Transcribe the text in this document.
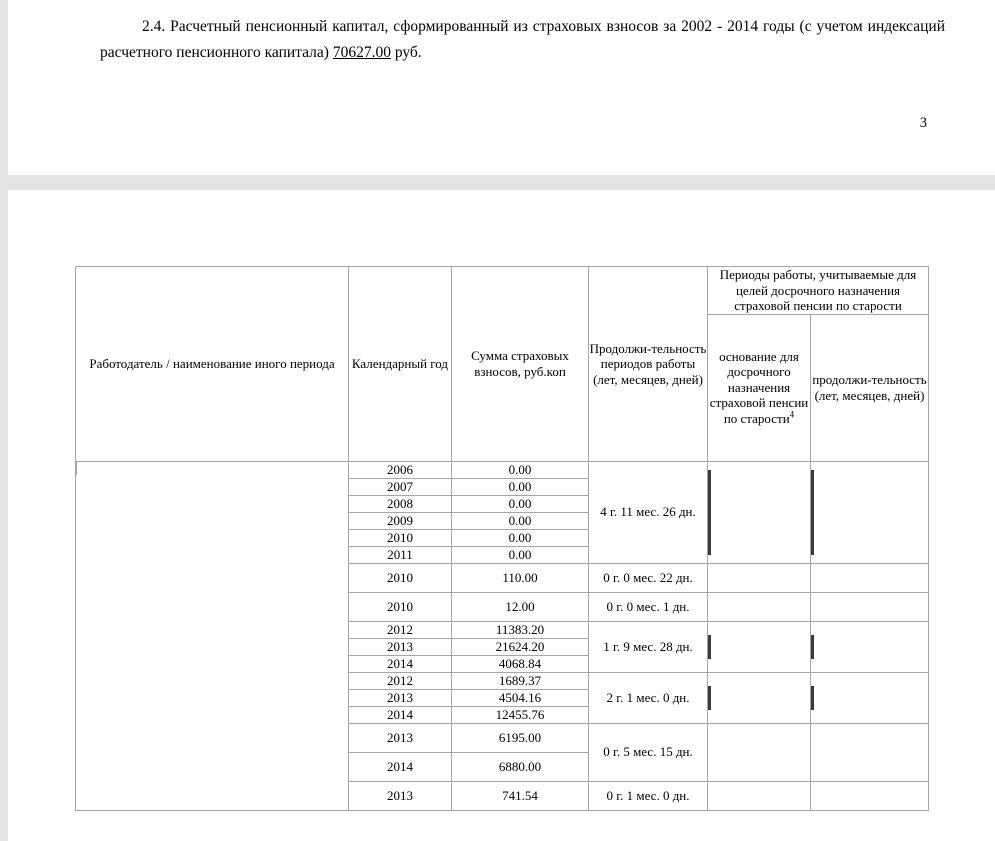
2.4. Расчетный пенсионный капитал, сформированный из страховых взносов за 2002 - 2014 годы (с учетом индексаций расчетного пенсионного капитала) 70627.00 руб.
3
Работодатель / наименование иного периода	Календарный год	Сумма страховых взносов, руб.коп	Продолжи-тельность периодов работы (лет, месяцев, дней)	Периоды работы, учитываемые для целей досрочного назначения страховой пенсии по старости	
				основание для досрочного назначения страховой пенсии по старости$^4$	продолжи-тельность (лет, месяцев, дней)
	2006	0.00	4 г. 11 мес. 26 дн.		
	2007	0.00			
	2008	0.00			
	2009	0.00			
	2010	0.00			
	2011	0.00			
	2010	110.00	0 г. 0 мес. 22 дн.		
	2010	12.00	0 г. 0 мес. 1 дн.		
	2012	11383.20	1 г. 9 мес. 28 дн.		
	2013	21624.20			
	2014	4068.84			
	2012	1689.37	2 г. 1 мес. 0 дн.		
	2013	4504.16			
	2014	12455.76			
	2013	6195.00	0 г. 5 мес. 15 дн.		
	2014	6880.00			
	2013	741.54	0 г. 1 мес. 0 дн.		
